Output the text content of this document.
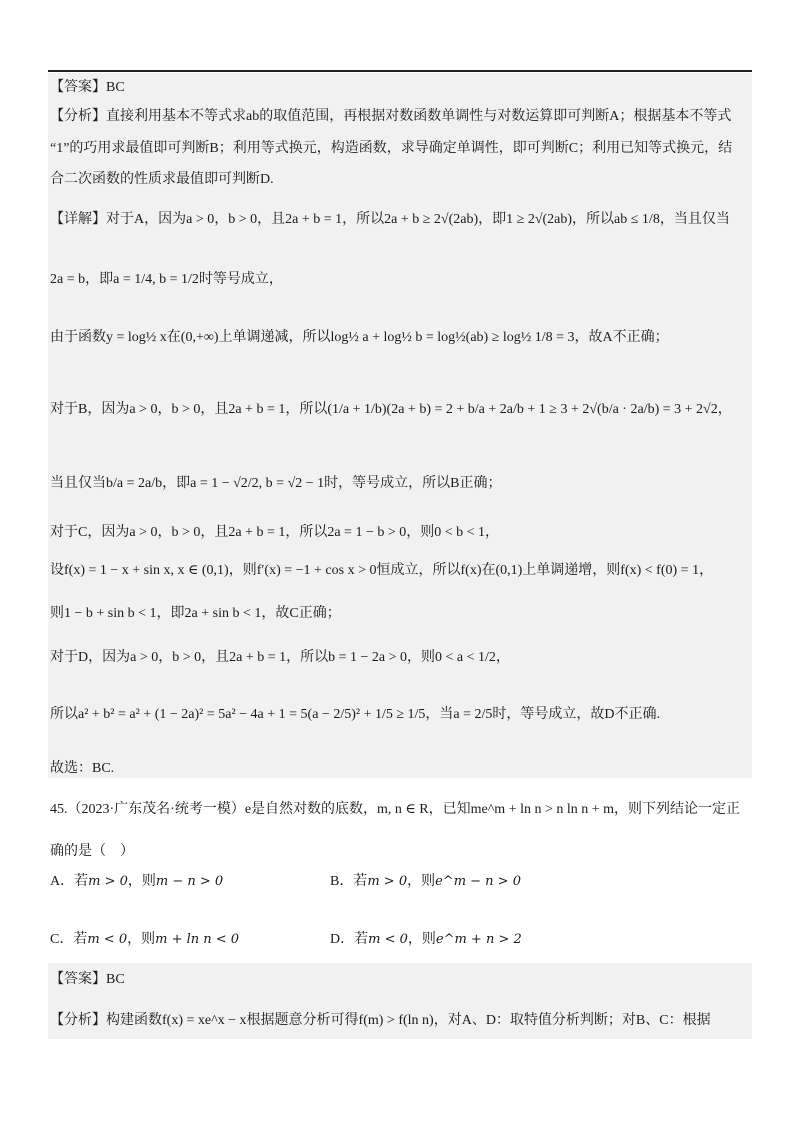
【答案】BC
【分析】直接利用基本不等式求ab的取值范围，再根据对数函数单调性与对数运算即可判断A；根据基本不等式
“1”的巧用求最值即可判断B；利用等式换元，构造函数，求导确定单调性，即可判断C；利用已知等式换元，结
合二次函数的性质求最值即可判断D.
【详解】对于A，因为a > 0，b > 0，且2a + b = 1，所以2a + b ≥ 2√(2ab)，即1 ≥ 2√(2ab)，所以ab ≤ 1/8，当且仅当
2a = b，即a = 1/4, b = 1/2时等号成立，
由于函数y = log½ x在(0,+∞)上单调递减，所以log½ a + log½ b = log½(ab) ≥ log½ 1/8 = 3，故A不正确；
对于B，因为a > 0，b > 0，且2a + b = 1，所以(1/a + 1/b)(2a + b) = 2 + b/a + 2a/b + 1 ≥ 3 + 2√(b/a · 2a/b) = 3 + 2√2，
当且仅当b/a = 2a/b，即a = 1 − √2/2, b = √2 − 1时，等号成立，所以B正确；
对于C，因为a > 0，b > 0，且2a + b = 1，所以2a = 1 − b > 0，则0 < b < 1，
设f(x) = 1 − x + sin x, x ∈ (0,1)，则f′(x) = −1 + cos x > 0恒成立，所以f(x)在(0,1)上单调递增，则f(x) < f(0) = 1，
则1 − b + sin b < 1，即2a + sin b < 1，故C正确；
对于D，因为a > 0，b > 0，且2a + b = 1，所以b = 1 − 2a > 0，则0 < a < 1/2，
所以a² + b² = a² + (1 − 2a)² = 5a² − 4a + 1 = 5(a − 2/5)² + 1/5 ≥ 1/5，当a = 2/5时，等号成立，故D不正确.
故选：BC.
45.（2023·广东茂名·统考一模）e是自然对数的底数，m, n ∈ R，已知me^m + ln n > n ln n + m，则下列结论一定正
确的是（　）
A．若m > 0，则m − n > 0	B．若m > 0，则e^m − n > 0
C．若m < 0，则m + ln n < 0	D．若m < 0，则e^m + n > 2
【答案】BC
【分析】构建函数f(x) = xe^x − x根据题意分析可得f(m) > f(ln n)，对A、D：取特值分析判断；对B、C：根据
